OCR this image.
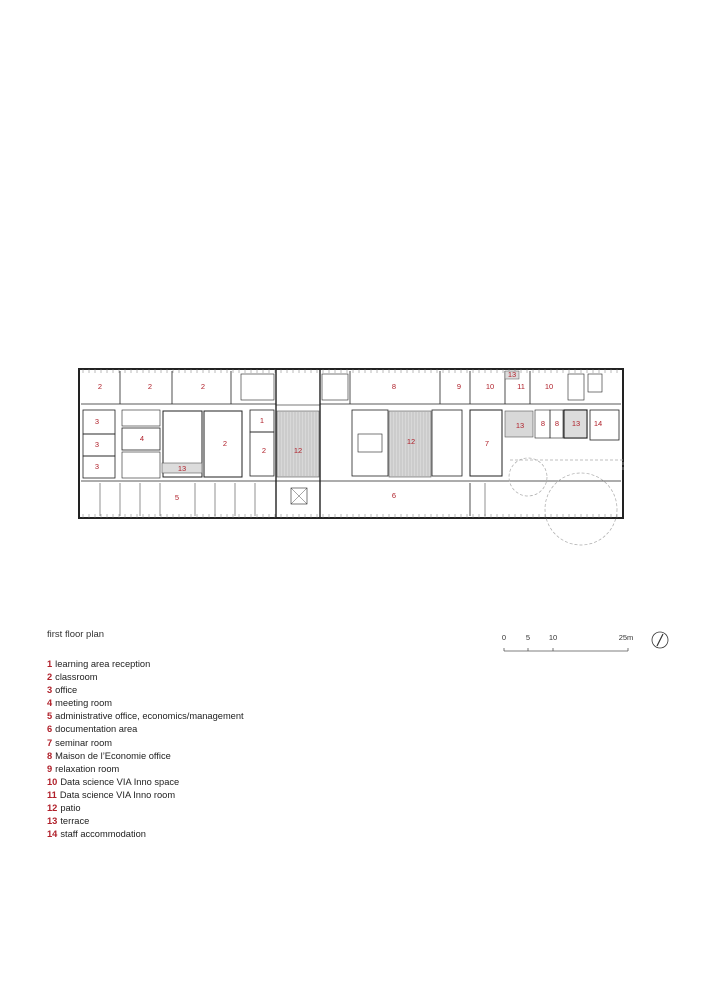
2	2	2	8	9	10	11	10
13
3
4
3
3
2
1
2	12
12	7
13 8 8 13 14
13
5	6
0	5 10	25m
first floor plan
1 learning area reception
2 classroom
3 office
4 meeting room
5 administrative office, economics/management
6 documentation area
7 seminar room
8 Maison de l’Economie office
9 relaxation room
10 Data science VIA Inno space
11 Data science VIA Inno room
12 patio
13 terrace
14 staff accommodation
